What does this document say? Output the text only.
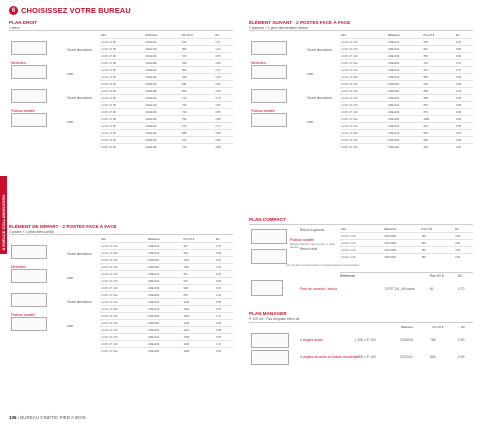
6 CHOISISSEZ VOTRE BUREAU
6 ESPACE COLLABORATION
PLAN DROIT
1 élévo
Size	Référence	Prix HT €	EC
L.120 x P. 80	CDE2120	649	0,37
L.140 x P. 80	CDE2140	806	0,44
L.160 x P. 80	CDE2160	970	0,55
L.180 x P. 80	CDE2180	999	0,85
L.120 x P. 80	CDE4120	862	0,47
L.140 x P. 80	CDE4140	918	0,49
L.160 x P. 80	CDE4160	934	0,55
L.180 x P. 80	CDE4180	950	0,58
L.120 x P. 80	CDE4120	719	0,78
L.140 x P. 80	CDE4140	729	0,80
L.160 x P. 80	CDE4160	742	0,85
L.180 x P. 80	CDE4180	759	0,88
L.120 x P. 80	CDE4120	672	0,73
L.140 x P. 80	CDE4140	688	0,80
L.160 x P. 80	CDE4160	704	0,85
L.180 x P. 80	CDE4180	720	0,88
Chant aluminium
unie
Chant aluminium
unie
Mélamine
Plateau stratifié
ÉLÉMENT DE DÉPART · 2 POSTES FACE À FACE
2 postes + 2 pieds élévo-amilis
Size	Référence	Prix HT €	EC
L.120 x P. 160	CDE2120	907	0,78
L.140 x P. 160	CDE2140	969	0,80
L.160 x P. 160	CDE2160	1021	0,91
L.180 x P. 160	CDE2180	1064	1,05
L.120 x P. 160	CDE2120	952	0,78
L.140 x P. 160	CDE2140	974	0,82
L.160 x P. 160	CDE2160	998	0,97
L.180 x P. 160	CDE2180	878	1,05
L.120 x P. 160	CDE4120	1236	0,85
L.140 x P. 160	CDE4140	1290	0,78
L.160 x P. 160	CDE4160	1301	1,07
L.180 x P. 160	CDE4180	1332	0,85
L.120 x P. 160	CDE4120	1193	0,85
L.140 x P. 160	CDE4140	1168	0,78
L.160 x P. 160	CDE4160	1220	1,07
L.180 x P. 160	CDE4180	1290	0,85
Chant aluminium
unie
Chant aluminium
unie
Mélamine
Plateau stratifié
ÉLÉMENT SUIVANT · 2 POSTES FACE À FACE
2 plateaux + 1 pied intermédiaire double
Size	Référence	Prix HT €	EC
L.120 x P. 160	CDE2120	838	0,78
L.140 x P. 160	CDE2140	840	0,80
L.160 x P. 160	CDE2160	850	0,89
L.180 x P. 160	CDE2180	729	0,78
L.120 x P. 160	CDE2120	914	0,75
L.140 x P. 160	CDE2140	886	0,80
L.160 x P. 160	CDE2160	918	0,85
L.180 x P. 160	CDE2180	858	0,79
L.120 x P. 160	CDE4120	888	0,80
L.140 x P. 160	CDE4140	801	0,85
L.160 x P. 160	CDE4160	873	0,90
L.180 x P. 160	CDE4180	1080	0,90
L.120 x P. 160	CDE4120	834	0,85
L.140 x P. 160	CDE4140	890	0,87
L.160 x P. 160	CDE4160	866	0,85
L.180 x P. 160	CDE4180	905	0,80
Chant aluminium
unie
Chant aluminium
unie
Mélamine
Plateau stratifié
PLAN COMPACT
Size	Référence	Prix HT €	EC
L.160 x 1,20	CBCG060	788	0,65
L.160 x 1,20	CBCG060	788	0,84
L.160 x 1,20	CBCG060	788	0,80
L.160 x 1,20	CBCG060	788	0,84
Retour à gauche
Retour droit
Plateau stratifié
Plateau mélaminé 1 pied central + 2 pieds latéraux
N.B. les plans compacts droits et compacts gauches sont équivalents
Référence	Prix HT €	EC
Pied de console / retour	CPST 2/4_0/6 cadre	81	0,70
PLAN MANAGER
P. 100 cm · Pas d'espace élévo de
Référence	Prix HT €	EC
4 angles droits
4 angles arrondis et chants aluminium
L.200 x P. 100	CDM210	756	0,90
L.200 x P. 100	CDF210	808	0,90
136 / BUREAU CINÉTIC PIED A BOIS
